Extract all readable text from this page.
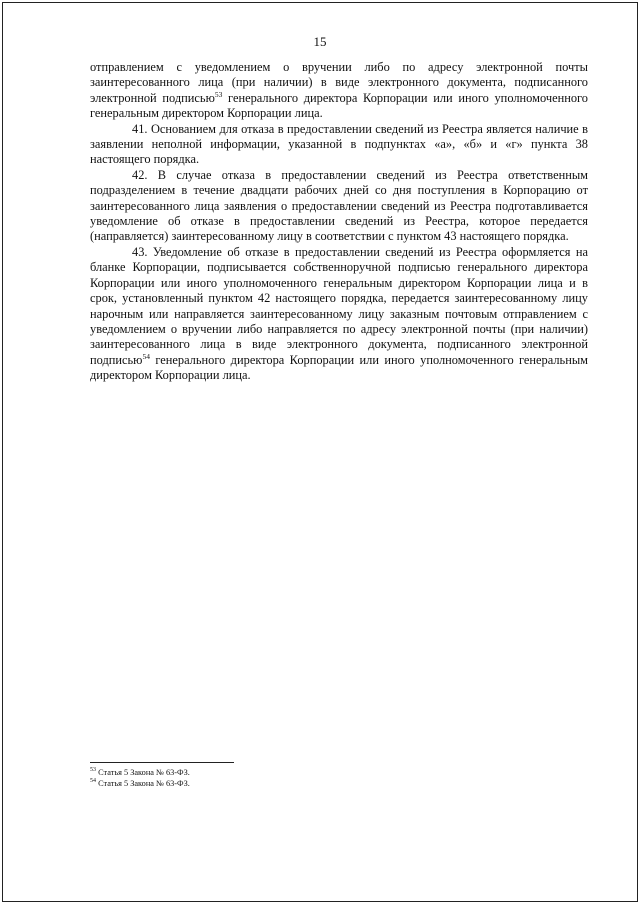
15

отправлением с уведомлением о вручении либо по адресу электронной почты заинтересованного лица (при наличии) в виде электронного документа, подписанного электронной подписью$^{53}$ генерального директора Корпорации или иного уполномоченного генеральным директором Корпорации лица.

41. Основанием для отказа в предоставлении сведений из Реестра является наличие в заявлении неполной информации, указанной в подпунктах «а», «б» и «г» пункта 38 настоящего порядка.

42. В случае отказа в предоставлении сведений из Реестра ответственным подразделением в течение двадцати рабочих дней со дня поступления в Корпорацию от заинтересованного лица заявления о предоставлении сведений из Реестра подготавливается уведомление об отказе в предоставлении сведений из Реестра, которое передается (направляется) заинтересованному лицу в соответствии с пунктом 43 настоящего порядка.

43. Уведомление об отказе в предоставлении сведений из Реестра оформляется на бланке Корпорации, подписывается собственноручной подписью генерального директора Корпорации или иного уполномоченного генеральным директором Корпорации лица и в срок, установленный пунктом 42 настоящего порядка, передается заинтересованному лицу нарочным или направляется заинтересованному лицу заказным почтовым отправлением с уведомлением о вручении либо направляется по адресу электронной почты (при наличии) заинтересованного лица в виде электронного документа, подписанного электронной подписью$^{54}$ генерального директора Корпорации или иного уполномоченного генеральным директором Корпорации лица.

$^{53}$ Статья 5 Закона № 63-ФЗ.
$^{54}$ Статья 5 Закона № 63-ФЗ.
